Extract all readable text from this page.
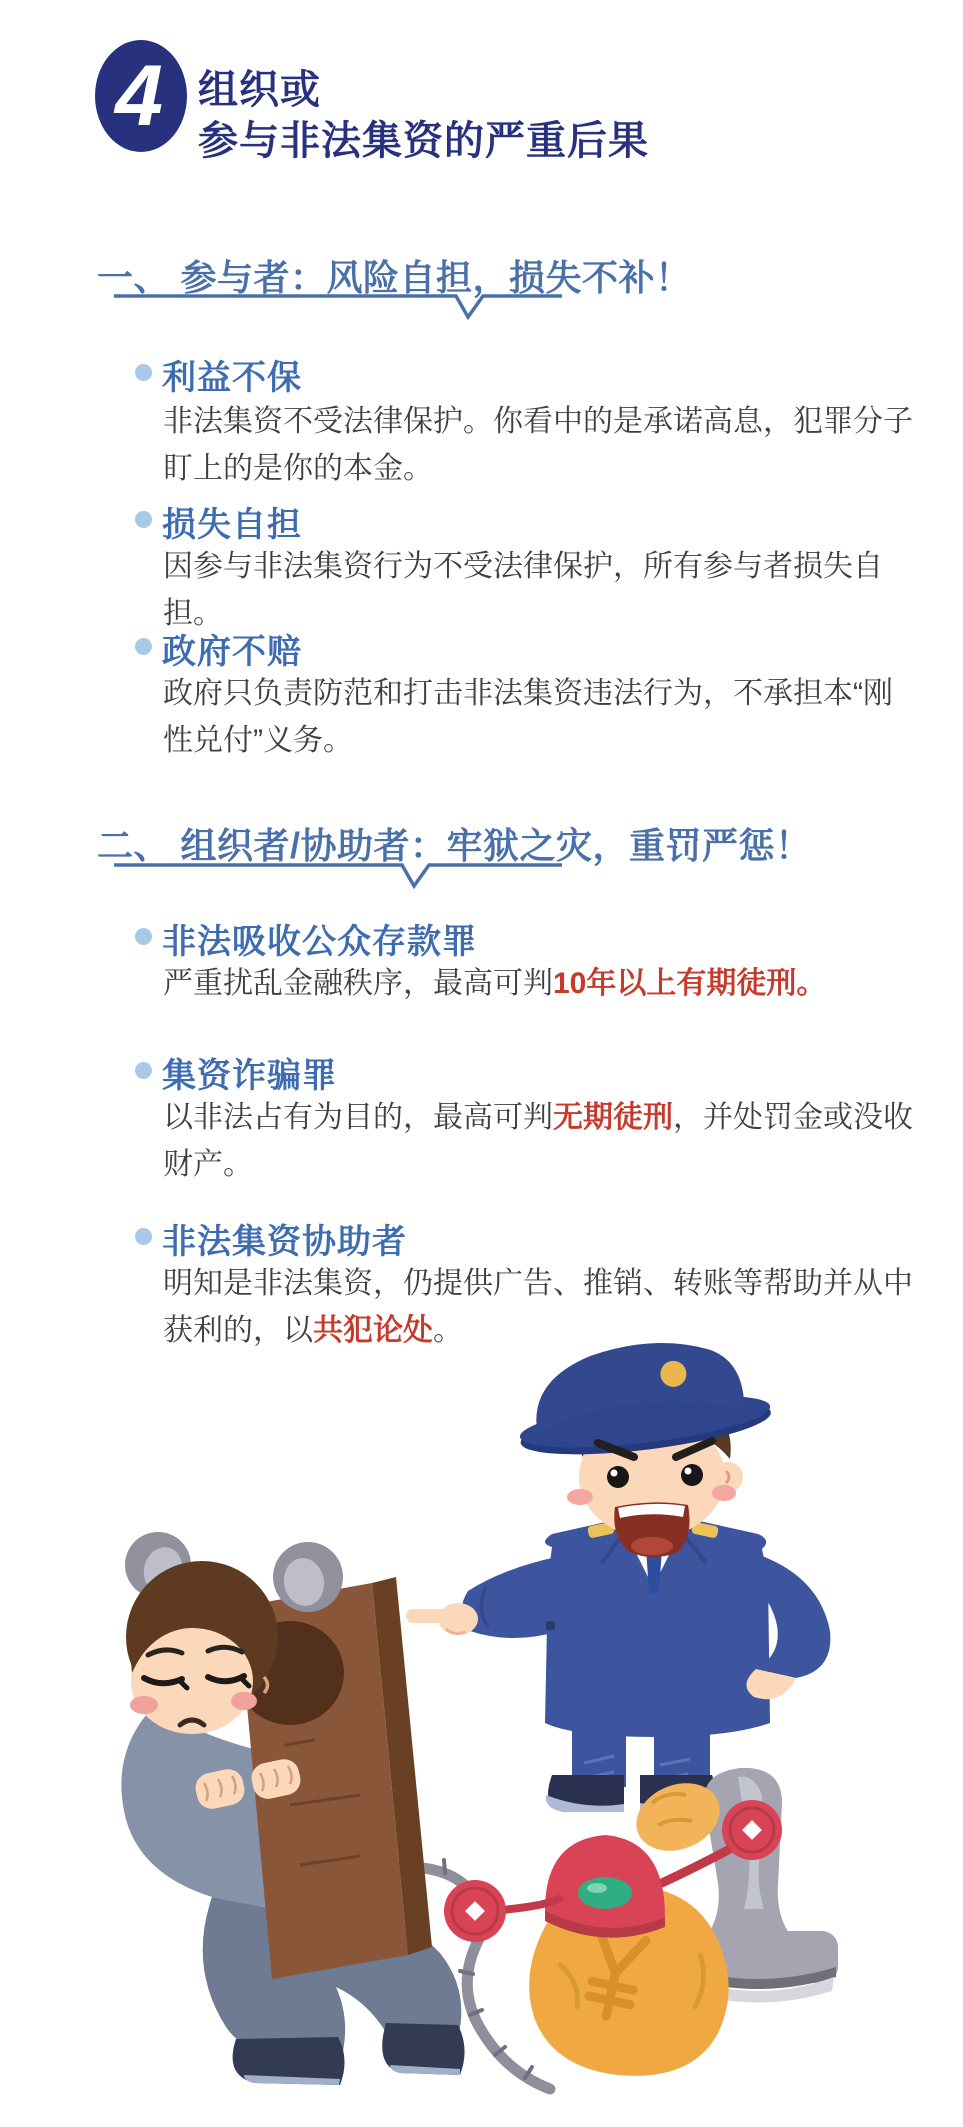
4 组织或
参与非法集资的严重后果
一、 参与者：风险自担，损失不补！
利益不保

非法集资不受法律保护。你看中的是承诺高息，犯罪分子盯上的是你的本金。

损失自担

因参与非法集资行为不受法律保护，所有参与者损失自担。

政府不赔

政府只负责防范和打击非法集资违法行为，不承担本“刚性兑付”义务。

二、 组织者/协助者：牢狱之灾，重罚严惩！
非法吸收公众存款罪

严重扰乱金融秩序，最高可判10年以上有期徒刑。

集资诈骗罪

以非法占有为目的，最高可判无期徒刑，并处罚金或没收财产。

非法集资协助者

明知是非法集资，仍提供广告、推销、转账等帮助并从中获利的，以共犯论处。
